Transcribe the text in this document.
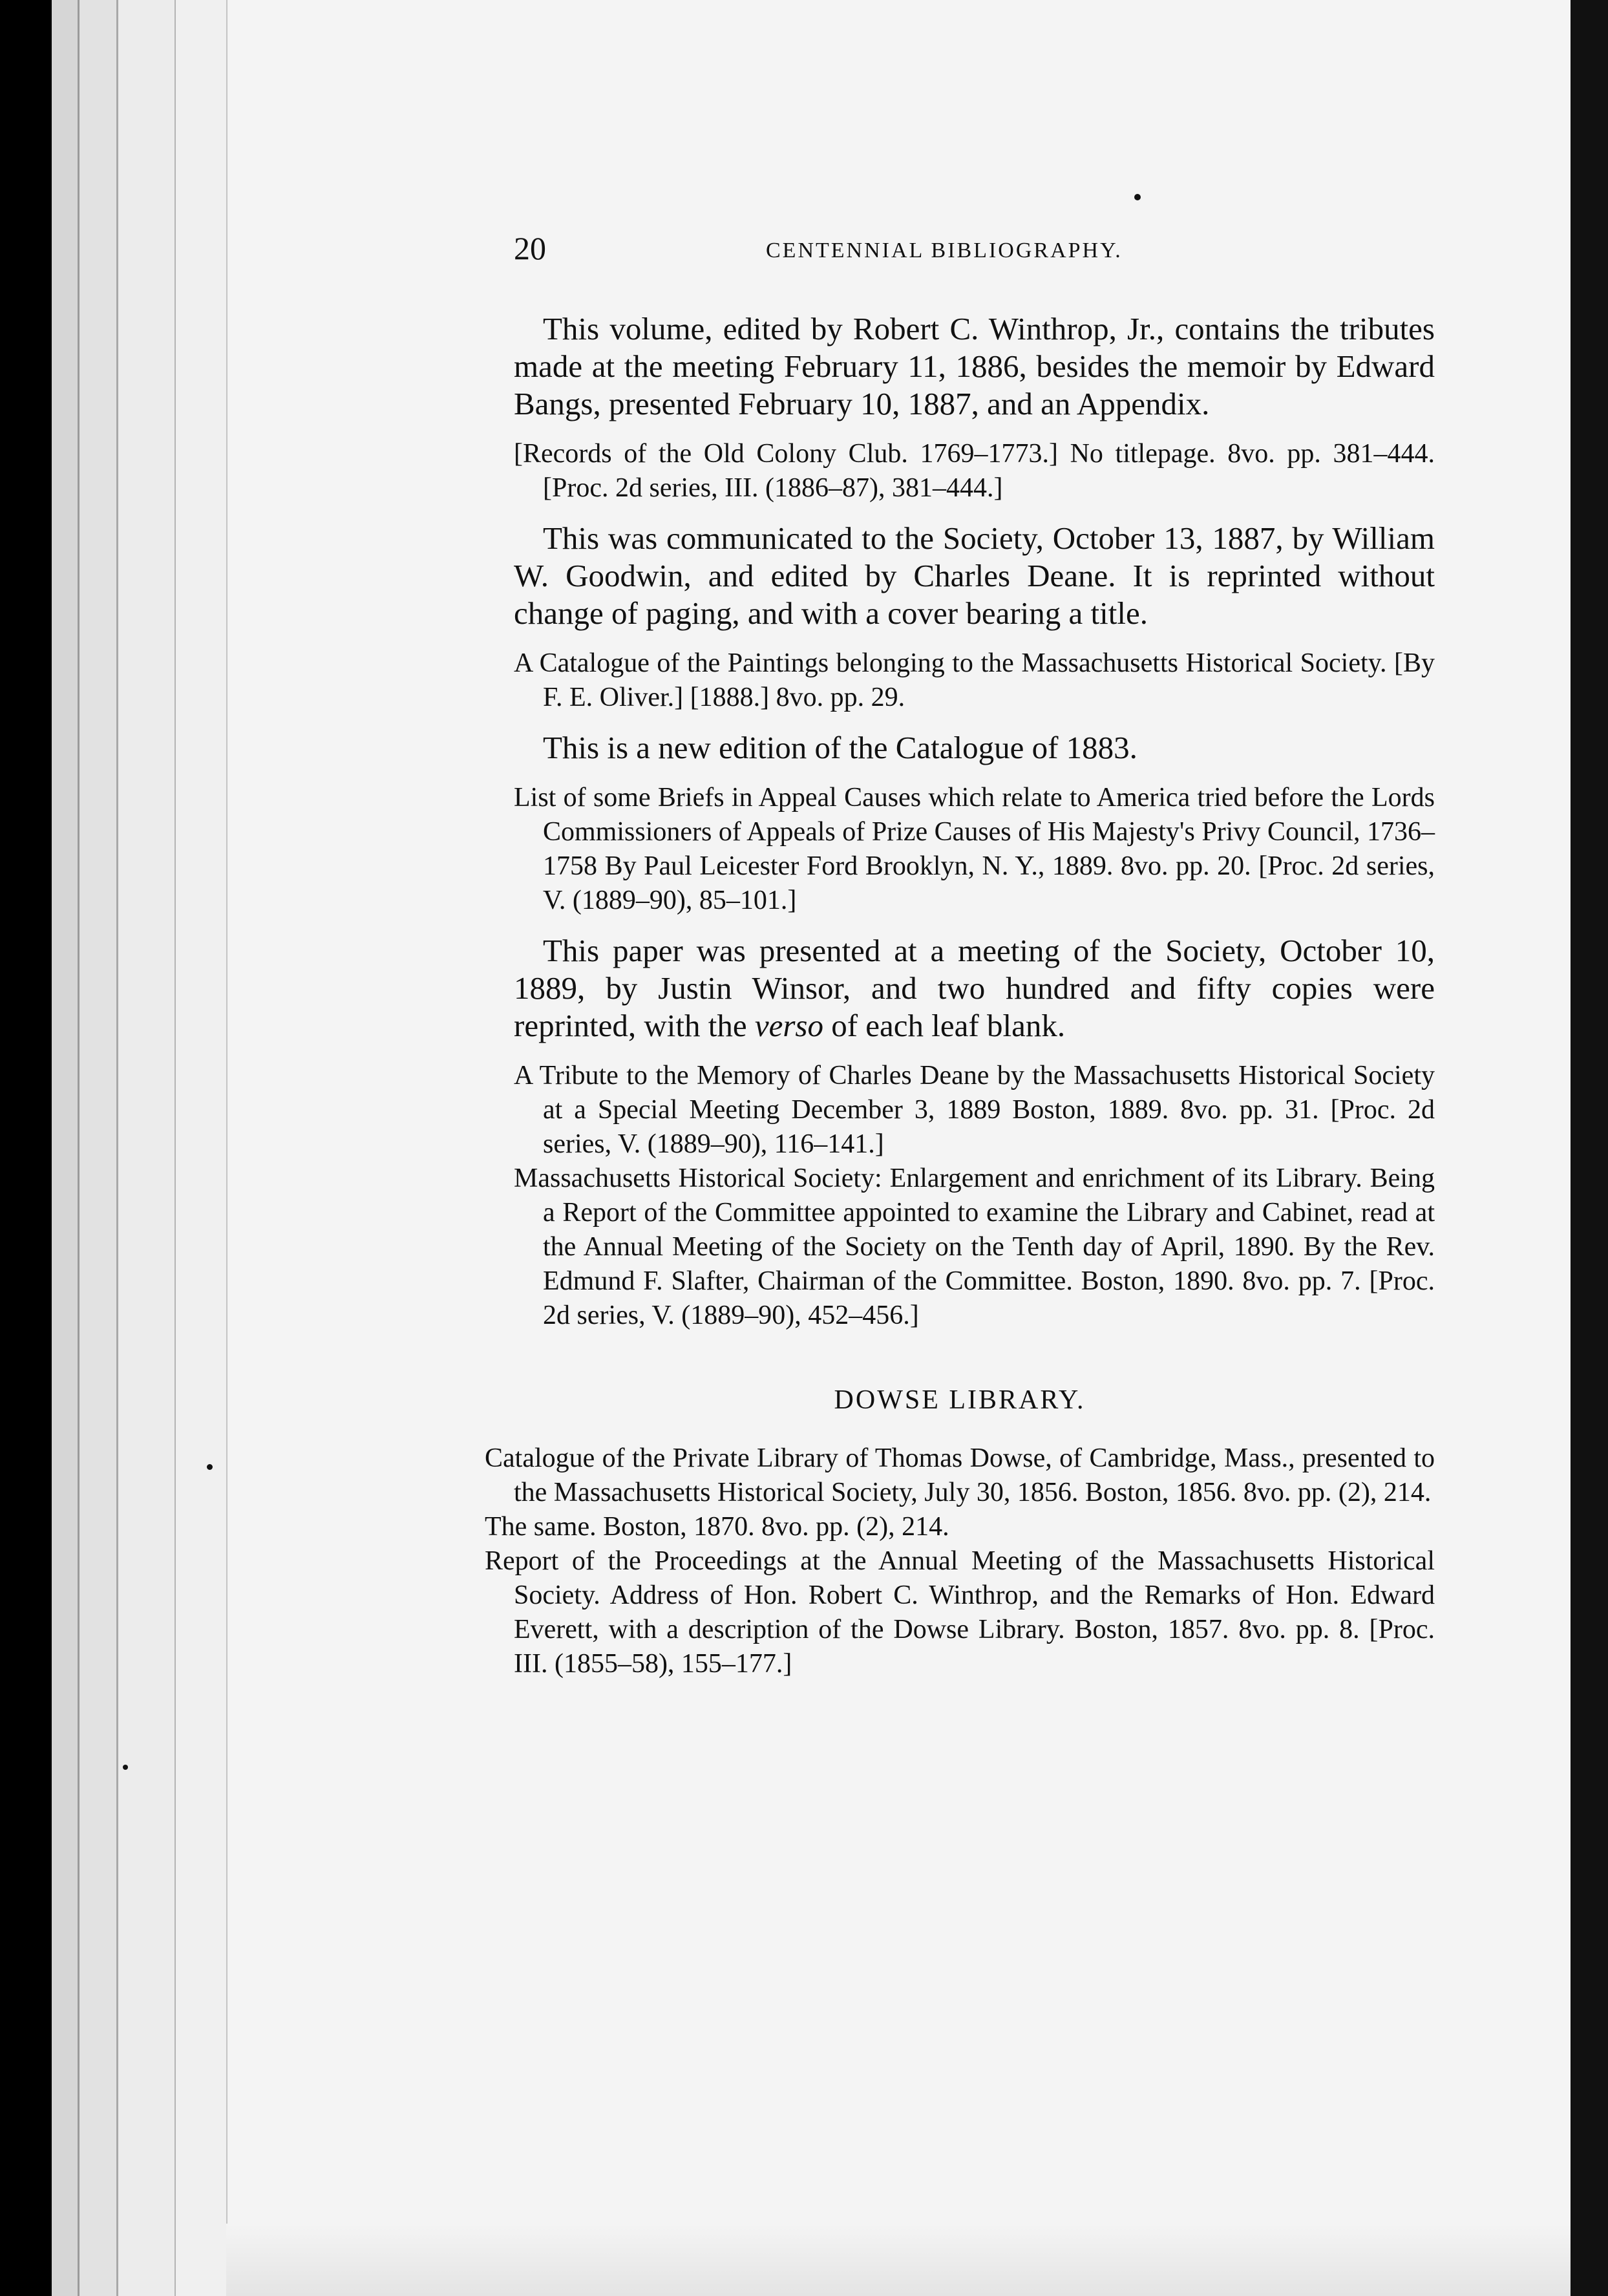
20	CENTENNIAL BIBLIOGRAPHY.

This volume, edited by Robert C. Winthrop, Jr., contains the tributes made at the meeting February 11, 1886, besides the memoir by Edward Bangs, presented February 10, 1887, and an Appendix.

[Records of the Old Colony Club. 1769–1773.] No titlepage. 8vo. pp. 381–444. [Proc. 2d series, III. (1886–87), 381–444.]

This was communicated to the Society, October 13, 1887, by William W. Goodwin, and edited by Charles Deane. It is reprinted without change of paging, and with a cover bearing a title.

A Catalogue of the Paintings belonging to the Massachusetts Historical Society. [By F. E. Oliver.] [1888.] 8vo. pp. 29.

This is a new edition of the Catalogue of 1883.

List of some Briefs in Appeal Causes which relate to America tried before the Lords Commissioners of Appeals of Prize Causes of His Majesty's Privy Council, 1736–1758 By Paul Leicester Ford Brooklyn, N. Y., 1889. 8vo. pp. 20. [Proc. 2d series, V. (1889–90), 85–101.]

This paper was presented at a meeting of the Society, October 10, 1889, by Justin Winsor, and two hundred and fifty copies were reprinted, with the verso of each leaf blank.

A Tribute to the Memory of Charles Deane by the Massachusetts Historical Society at a Special Meeting December 3, 1889 Boston, 1889. 8vo. pp. 31. [Proc. 2d series, V. (1889–90), 116–141.]

Massachusetts Historical Society: Enlargement and enrichment of its Library. Being a Report of the Committee appointed to examine the Library and Cabinet, read at the Annual Meeting of the Society on the Tenth day of April, 1890. By the Rev. Edmund F. Slafter, Chairman of the Committee. Boston, 1890. 8vo. pp. 7. [Proc. 2d series, V. (1889–90), 452–456.]

DOWSE LIBRARY.

Catalogue of the Private Library of Thomas Dowse, of Cambridge, Mass., presented to the Massachusetts Historical Society, July 30, 1856. Boston, 1856. 8vo. pp. (2), 214.

The same. Boston, 1870. 8vo. pp. (2), 214.

Report of the Proceedings at the Annual Meeting of the Massachusetts Historical Society. Address of Hon. Robert C. Winthrop, and the Remarks of Hon. Edward Everett, with a description of the Dowse Library. Boston, 1857. 8vo. pp. 8. [Proc. III. (1855–58), 155–177.]
